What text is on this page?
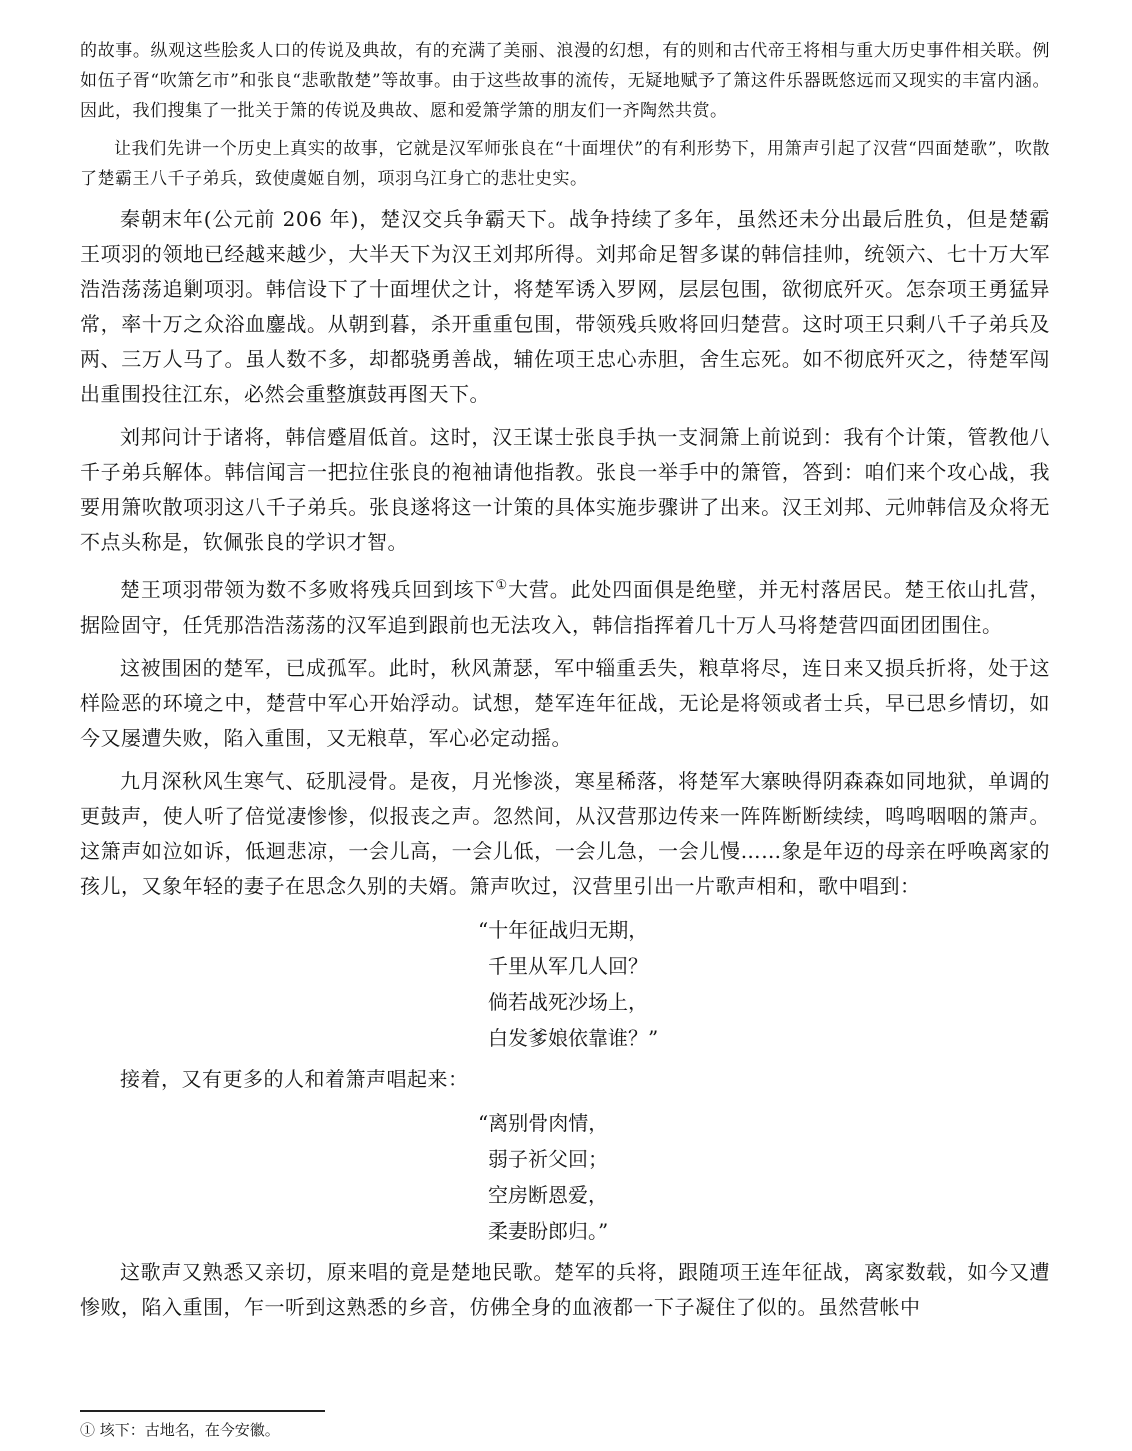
的故事。纵观这些脍炙人口的传说及典故，有的充满了美丽、浪漫的幻想，有的则和古代帝王将相与重大历史事件相关联。例如伍子胥“吹箫乞市”和张良“悲歌散楚”等故事。由于这些故事的流传，无疑地赋予了箫这件乐器既悠远而又现实的丰富内涵。因此，我们搜集了一批关于箫的传说及典故、愿和爱箫学箫的朋友们一齐陶然共赏。

让我们先讲一个历史上真实的故事，它就是汉军师张良在“十面埋伏”的有利形势下，用箫声引起了汉营“四面楚歌”，吹散了楚霸王八千子弟兵，致使虞姬自刎，项羽乌江身亡的悲壮史实。

秦朝末年(公元前 206 年)，楚汉交兵争霸天下。战争持续了多年，虽然还未分出最后胜负，但是楚霸王项羽的领地已经越来越少，大半天下为汉王刘邦所得。刘邦命足智多谋的韩信挂帅，统领六、七十万大军浩浩荡荡追剿项羽。韩信设下了十面埋伏之计，将楚军诱入罗网，层层包围，欲彻底歼灭。怎奈项王勇猛异常，率十万之众浴血鏖战。从朝到暮，杀开重重包围，带领残兵败将回归楚营。这时项王只剩八千子弟兵及两、三万人马了。虽人数不多，却都骁勇善战，辅佐项王忠心赤胆，舍生忘死。如不彻底歼灭之，待楚军闯出重围投往江东，必然会重整旗鼓再图天下。

刘邦问计于诸将，韩信蹙眉低首。这时，汉王谋士张良手执一支洞箫上前说到：我有个计策，管教他八千子弟兵解体。韩信闻言一把拉住张良的袍袖请他指教。张良一举手中的箫管，答到：咱们来个攻心战，我要用箫吹散项羽这八千子弟兵。张良遂将这一计策的具体实施步骤讲了出来。汉王刘邦、元帅韩信及众将无不点头称是，钦佩张良的学识才智。

楚王项羽带领为数不多败将残兵回到垓下①大营。此处四面俱是绝壁，并无村落居民。楚王依山扎营，据险固守，任凭那浩浩荡荡的汉军追到跟前也无法攻入，韩信指挥着几十万人马将楚营四面团团围住。

这被围困的楚军，已成孤军。此时，秋风萧瑟，军中辎重丢失，粮草将尽，连日来又损兵折将，处于这样险恶的环境之中，楚营中军心开始浮动。试想，楚军连年征战，无论是将领或者士兵，早已思乡情切，如今又屡遭失败，陷入重围，又无粮草，军心必定动摇。

九月深秋风生寒气、砭肌浸骨。是夜，月光惨淡，寒星稀落，将楚军大寨映得阴森森如同地狱，单调的更鼓声，使人听了倍觉凄惨惨，似报丧之声。忽然间，从汉营那边传来一阵阵断断续续，鸣鸣咽咽的箫声。这箫声如泣如诉，低迴悲凉，一会儿高，一会儿低，一会儿急，一会儿慢……象是年迈的母亲在呼唤离家的孩儿，又象年轻的妻子在思念久别的夫婿。箫声吹过，汉营里引出一片歌声相和，歌中唱到：

“十年征战归无期，
千里从军几人回？
倘若战死沙场上，
白发爹娘依靠谁？”

接着，又有更多的人和着箫声唱起来：

“离别骨肉情，
弱子祈父回；
空房断恩爱，
柔妻盼郎归。”

这歌声又熟悉又亲切，原来唱的竟是楚地民歌。楚军的兵将，跟随项王连年征战，离家数载，如今又遭惨败，陷入重围，乍一听到这熟悉的乡音，仿佛全身的血液都一下子凝住了似的。虽然营帐中

① 垓下：古地名，在今安徽。
